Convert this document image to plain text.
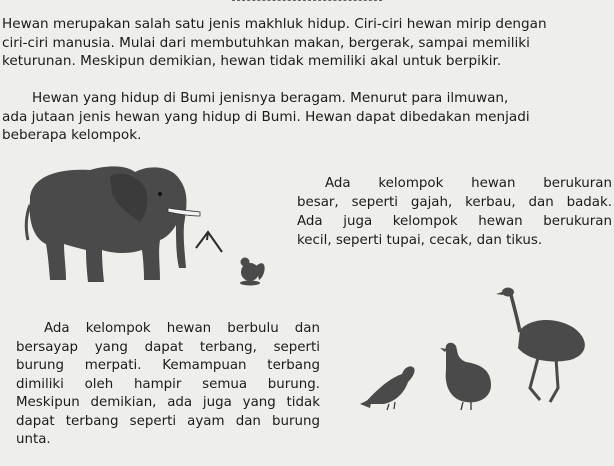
Hewan merupakan salah satu jenis makhluk hidup. Ciri-ciri hewan mirip dengan
ciri-ciri manusia. Mulai dari membutuhkan makan, bergerak, sampai memiliki
keturunan. Meskipun demikian, hewan tidak memiliki akal untuk berpikir.

Hewan yang hidup di Bumi jenisnya beragam. Menurut para ilmuwan,
ada jutaan jenis hewan yang hidup di Bumi. Hewan dapat dibedakan menjadi
beberapa kelompok.

Ada kelompok hewan berukuran
besar, seperti gajah, kerbau, dan badak.
Ada juga kelompok hewan berukuran
kecil, seperti tupai, cecak, dan tikus.

Ada kelompok hewan berbulu dan
bersayap yang dapat terbang, seperti
burung merpati. Kemampuan terbang
dimiliki oleh hampir semua burung.
Meskipun demikian, ada juga yang tidak
dapat terbang seperti ayam dan burung
unta.
